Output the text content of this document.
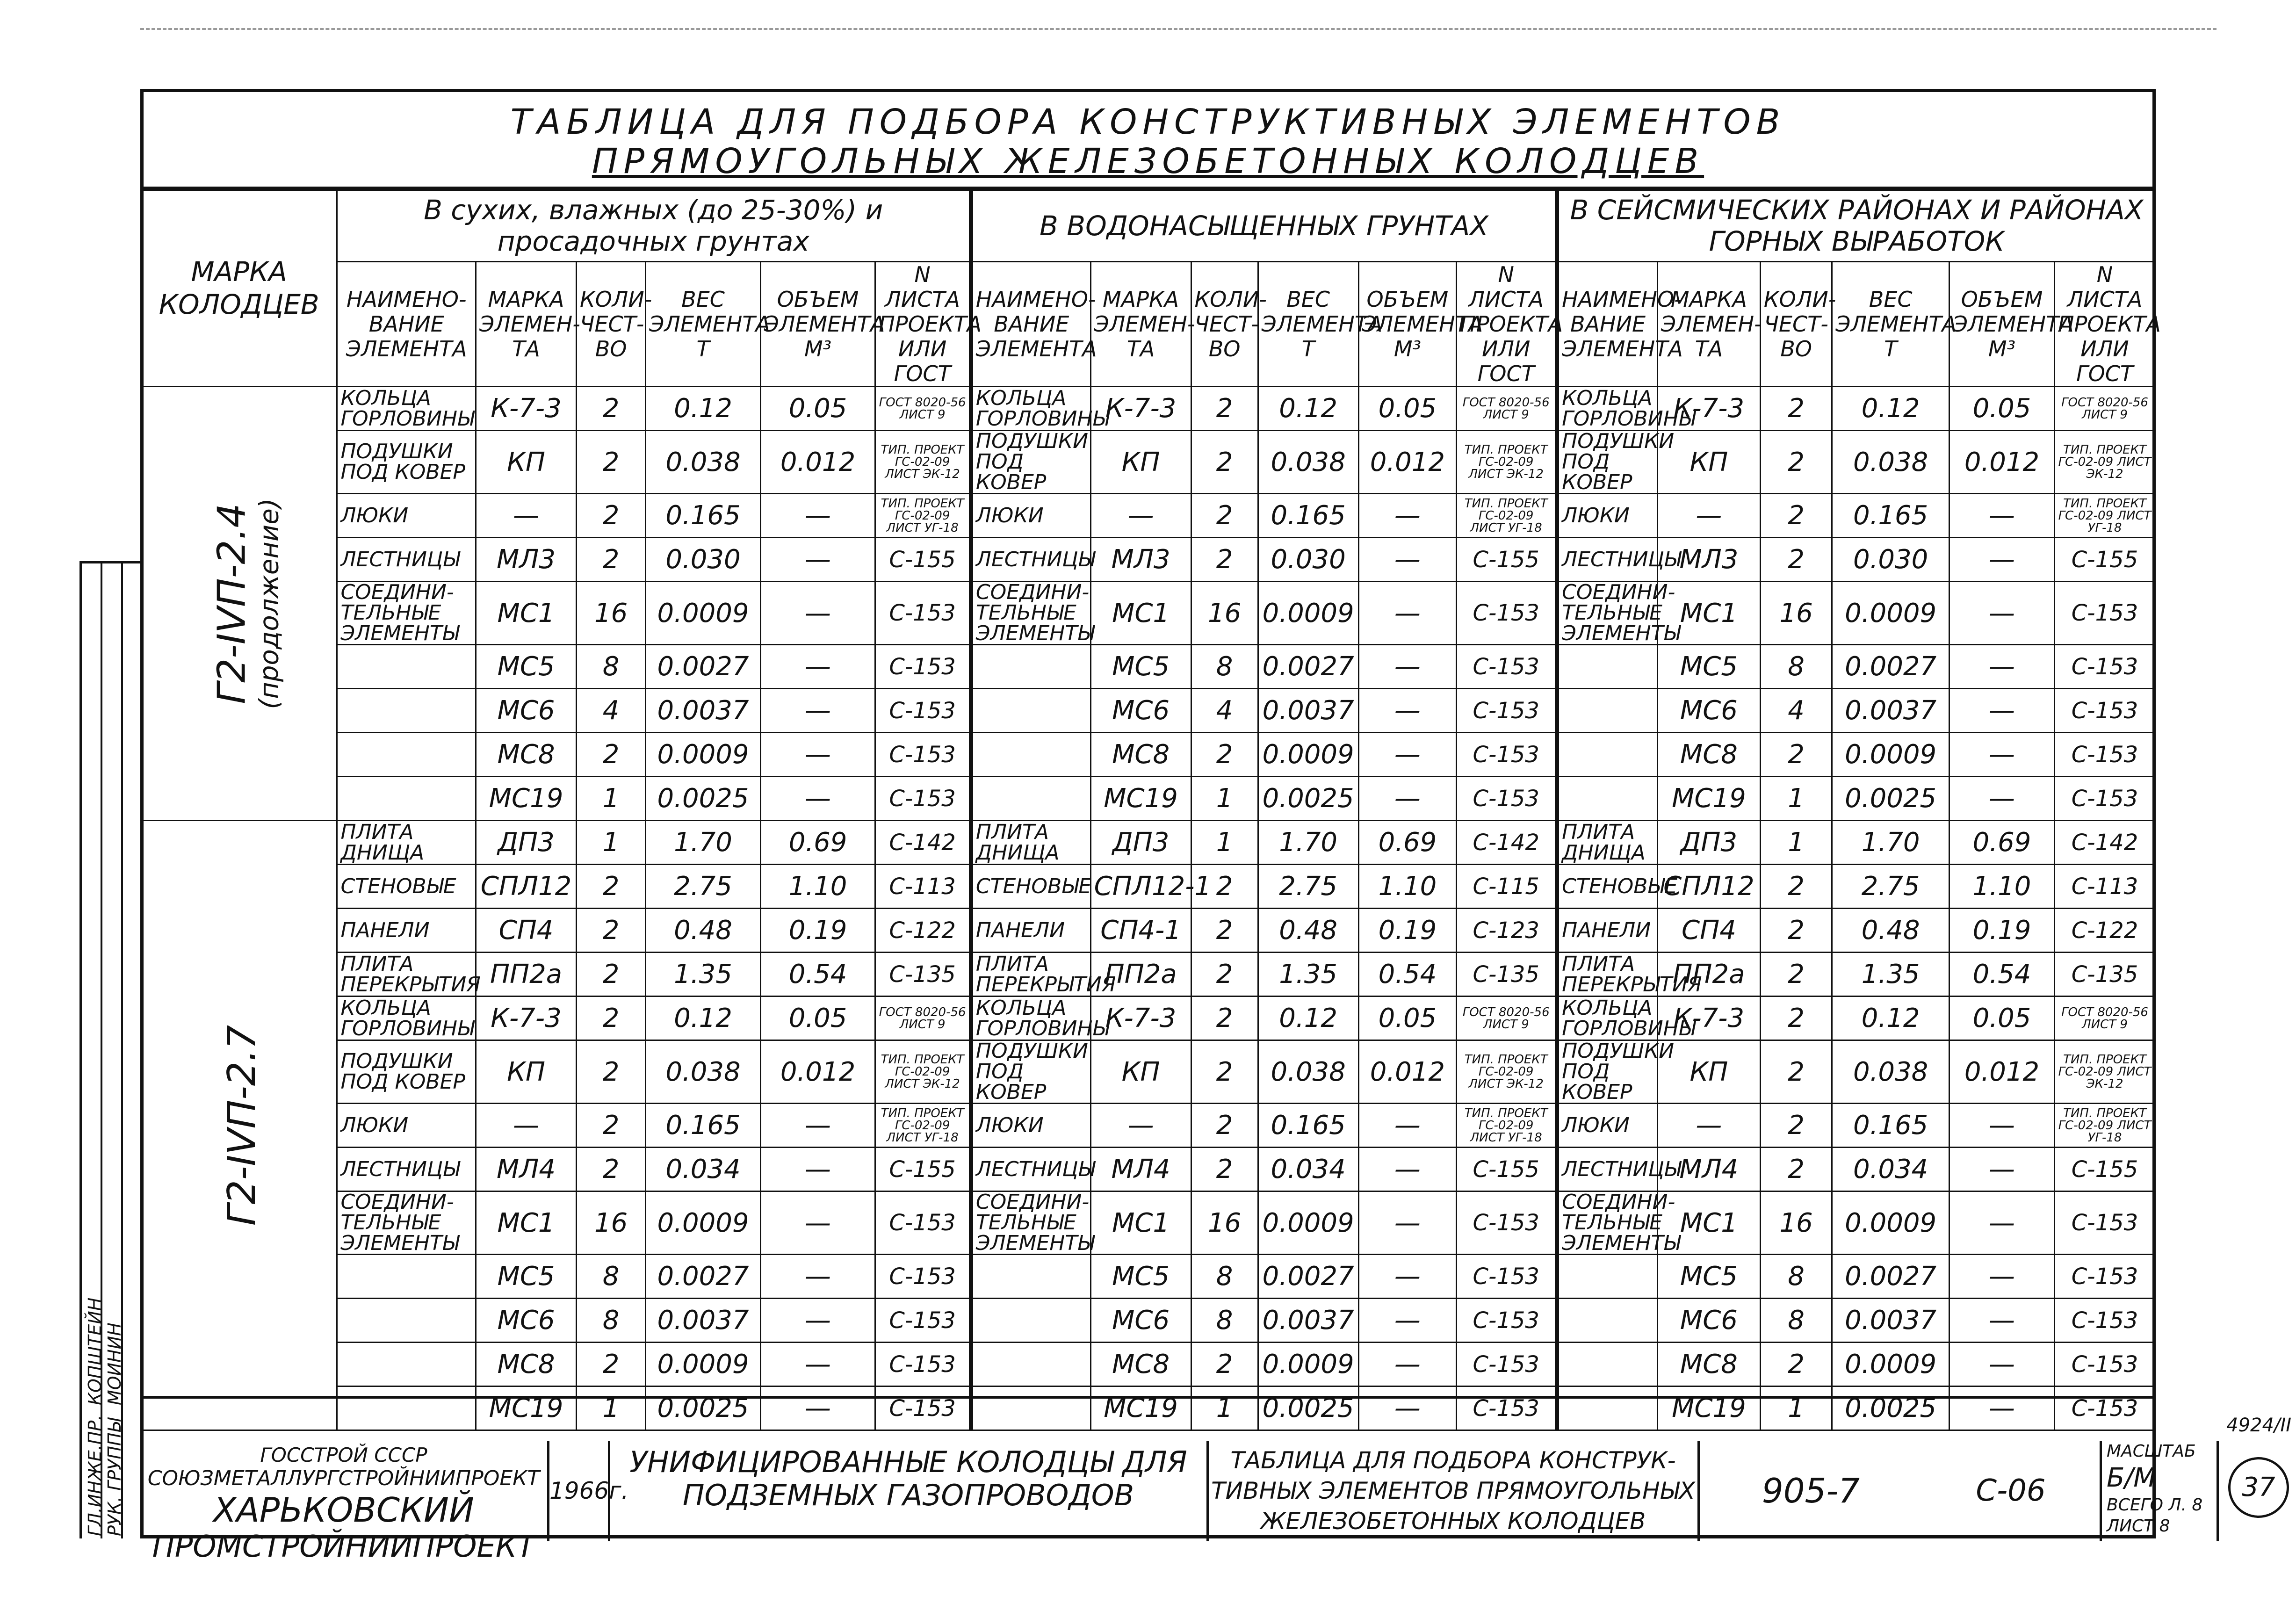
ГЛ.ИНЖЕ.ПР.
РУК. ГРУППЫ
КОПШТЕЙН
МОИНИН
ТАБЛИЦА ДЛЯ ПОДБОРА КОНСТРУКТИВНЫХ ЭЛЕМЕНТОВ
ПРЯМОУГОЛЬНЫХ ЖЕЛЕЗОБЕТОННЫХ КОЛОДЦЕВ
МАРКА КОЛОДЦЕВ	В сухих, влажных (до 25-30%) и просадочных грунтах						В ВОДОНАСЫЩЕННЫХ ГРУНТАХ						В СЕЙСМИЧЕСКИХ РАЙОНАХ И РАЙОНАХ ГОРНЫХ ВЫРАБОТОК					
	НАИМЕНО-ВАНИЕ ЭЛЕМЕНТА	МАРКА ЭЛЕМЕН-ТА	КОЛИ-ЧЕСТ-ВО	ВЕС ЭЛЕМЕНТА Т	ОБЪЕМ ЭЛЕМЕНТА М³	N ЛИСТА ПРОЕКТА ИЛИ ГОСТ	НАИМЕНО-ВАНИЕ ЭЛЕМЕНТА	МАРКА ЭЛЕМЕН-ТА	КОЛИ-ЧЕСТ-ВО	ВЕС ЭЛЕМЕНТА Т	ОБЪЕМ ЭЛЕМЕНТА М³	N ЛИСТА ПРОЕКТА ИЛИ ГОСТ	НАИМЕНО-ВАНИЕ ЭЛЕМЕНТА	МАРКА ЭЛЕМЕН-ТА	КОЛИ-ЧЕСТ-ВО	ВЕС ЭЛЕМЕНТА Т	ОБЪЕМ ЭЛЕМЕНТА М³	N ЛИСТА ПРОЕКТА ИЛИ ГОСТ
Г2-IVП-2.4 (продолжение)	КОЛЬЦА ГОРЛОВИНЫ	К-7-3	2	0.12	0.05	ГОСТ 8020-56 ЛИСТ 9	КОЛЬЦА ГОРЛОВИНЫ	К-7-3	2	0.12	0.05	ГОСТ 8020-56 ЛИСТ 9	КОЛЬЦА ГОРЛОВИНЫ	К-7-3	2	0.12	0.05	ГОСТ 8020-56 ЛИСТ 9
	ПОДУШКИ ПОД КОВЕР	КП	2	0.038	0.012	ТИП. ПРОЕКТ ГС-02-09 ЛИСТ ЭК-12	ПОДУШКИ ПОД КОВЕР	КП	2	0.038	0.012	ТИП. ПРОЕКТ ГС-02-09 ЛИСТ ЭК-12	ПОДУШКИ ПОД КОВЕР	КП	2	0.038	0.012	ТИП. ПРОЕКТ ГС-02-09 ЛИСТ ЭК-12
	ЛЮКИ	—	2	0.165	—	ТИП. ПРОЕКТ ГС-02-09 ЛИСТ УГ-18	ЛЮКИ	—	2	0.165	—	ТИП. ПРОЕКТ ГС-02-09 ЛИСТ УГ-18	ЛЮКИ	—	2	0.165	—	ТИП. ПРОЕКТ ГС-02-09 ЛИСТ УГ-18
	ЛЕСТНИЦЫ	МЛ3	2	0.030	—	С-155	ЛЕСТНИЦЫ	МЛ3	2	0.030	—	С-155	ЛЕСТНИЦЫ	МЛ3	2	0.030	—	С-155
	СОЕДИНИ-ТЕЛЬНЫЕ ЭЛЕМЕНТЫ	МС1	16	0.0009	—	С-153	СОЕДИНИ-ТЕЛЬНЫЕ ЭЛЕМЕНТЫ	МС1	16	0.0009	—	С-153	СОЕДИНИ-ТЕЛЬНЫЕ ЭЛЕМЕНТЫ	МС1	16	0.0009	—	С-153
		МС5	8	0.0027	—	С-153		МС5	8	0.0027	—	С-153		МС5	8	0.0027	—	С-153
		МС6	4	0.0037	—	С-153		МС6	4	0.0037	—	С-153		МС6	4	0.0037	—	С-153
		МС8	2	0.0009	—	С-153		МС8	2	0.0009	—	С-153		МС8	2	0.0009	—	С-153
		МС19	1	0.0025	—	С-153		МС19	1	0.0025	—	С-153		МС19	1	0.0025	—	С-153
Г2-IVП-2.7	ПЛИТА ДНИЩА	ДП3	1	1.70	0.69	С-142	ПЛИТА ДНИЩА	ДП3	1	1.70	0.69	С-142	ПЛИТА ДНИЩА	ДП3	1	1.70	0.69	С-142
	СТЕНОВЫЕ	СПЛ12	2	2.75	1.10	С-113	СТЕНОВЫЕ	СПЛ12-1	2	2.75	1.10	С-115	СТЕНОВЫЕ	СПЛ12	2	2.75	1.10	С-113
	ПАНЕЛИ	СП4	2	0.48	0.19	С-122	ПАНЕЛИ	СП4-1	2	0.48	0.19	С-123	ПАНЕЛИ	СП4	2	0.48	0.19	С-122
	ПЛИТА ПЕРЕКРЫТИЯ	ПП2а	2	1.35	0.54	С-135	ПЛИТА ПЕРЕКРЫТИЯ	ПП2а	2	1.35	0.54	С-135	ПЛИТА ПЕРЕКРЫТИЯ	ПП2а	2	1.35	0.54	С-135
	КОЛЬЦА ГОРЛОВИНЫ	К-7-3	2	0.12	0.05	ГОСТ 8020-56 ЛИСТ 9	КОЛЬЦА ГОРЛОВИНЫ	К-7-3	2	0.12	0.05	ГОСТ 8020-56 ЛИСТ 9	КОЛЬЦА ГОРЛОВИНЫ	К-7-3	2	0.12	0.05	ГОСТ 8020-56 ЛИСТ 9
	ПОДУШКИ ПОД КОВЕР	КП	2	0.038	0.012	ТИП. ПРОЕКТ ГС-02-09 ЛИСТ ЭК-12	ПОДУШКИ ПОД КОВЕР	КП	2	0.038	0.012	ТИП. ПРОЕКТ ГС-02-09 ЛИСТ ЭК-12	ПОДУШКИ ПОД КОВЕР	КП	2	0.038	0.012	ТИП. ПРОЕКТ ГС-02-09 ЛИСТ ЭК-12
	ЛЮКИ	—	2	0.165	—	ТИП. ПРОЕКТ ГС-02-09 ЛИСТ УГ-18	ЛЮКИ	—	2	0.165	—	ТИП. ПРОЕКТ ГС-02-09 ЛИСТ УГ-18	ЛЮКИ	—	2	0.165	—	ТИП. ПРОЕКТ ГС-02-09 ЛИСТ УГ-18
	ЛЕСТНИЦЫ	МЛ4	2	0.034	—	С-155	ЛЕСТНИЦЫ	МЛ4	2	0.034	—	С-155	ЛЕСТНИЦЫ	МЛ4	2	0.034	—	С-155
	СОЕДИНИ-ТЕЛЬНЫЕ ЭЛЕМЕНТЫ	МС1	16	0.0009	—	С-153	СОЕДИНИ-ТЕЛЬНЫЕ ЭЛЕМЕНТЫ	МС1	16	0.0009	—	С-153	СОЕДИНИ-ТЕЛЬНЫЕ ЭЛЕМЕНТЫ	МС1	16	0.0009	—	С-153
		МС5	8	0.0027	—	С-153		МС5	8	0.0027	—	С-153		МС5	8	0.0027	—	С-153
		МС6	8	0.0037	—	С-153		МС6	8	0.0037	—	С-153		МС6	8	0.0037	—	С-153
		МС8	2	0.0009	—	С-153		МС8	2	0.0009	—	С-153		МС8	2	0.0009	—	С-153
		МС19	1	0.0025	—	С-153		МС19	1	0.0025	—	С-153		МС19	1	0.0025	—	С-153
ГОССТРОЙ СССР
СОЮЗМЕТАЛЛУРГСТРОЙНИИПРОЕКТ
ХАРЬКОВСКИЙ
ПРОМСТРОЙНИИПРОЕКТ
1966г.
УНИФИЦИРОВАННЫЕ КОЛОДЦЫ ДЛЯ ПОДЗЕМНЫХ ГАЗОПРОВОДОВ
ТАБЛИЦА ДЛЯ ПОДБОРА КОНСТРУК-ТИВНЫХ ЭЛЕМЕНТОВ ПРЯМОУГОЛЬНЫХ ЖЕЛЕЗОБЕТОННЫХ КОЛОДЦЕВ
905-7	С-06
МАСШТАБ
Б/М
ВСЕГО Л. 8
ЛИСТ 8
4924/II
37
